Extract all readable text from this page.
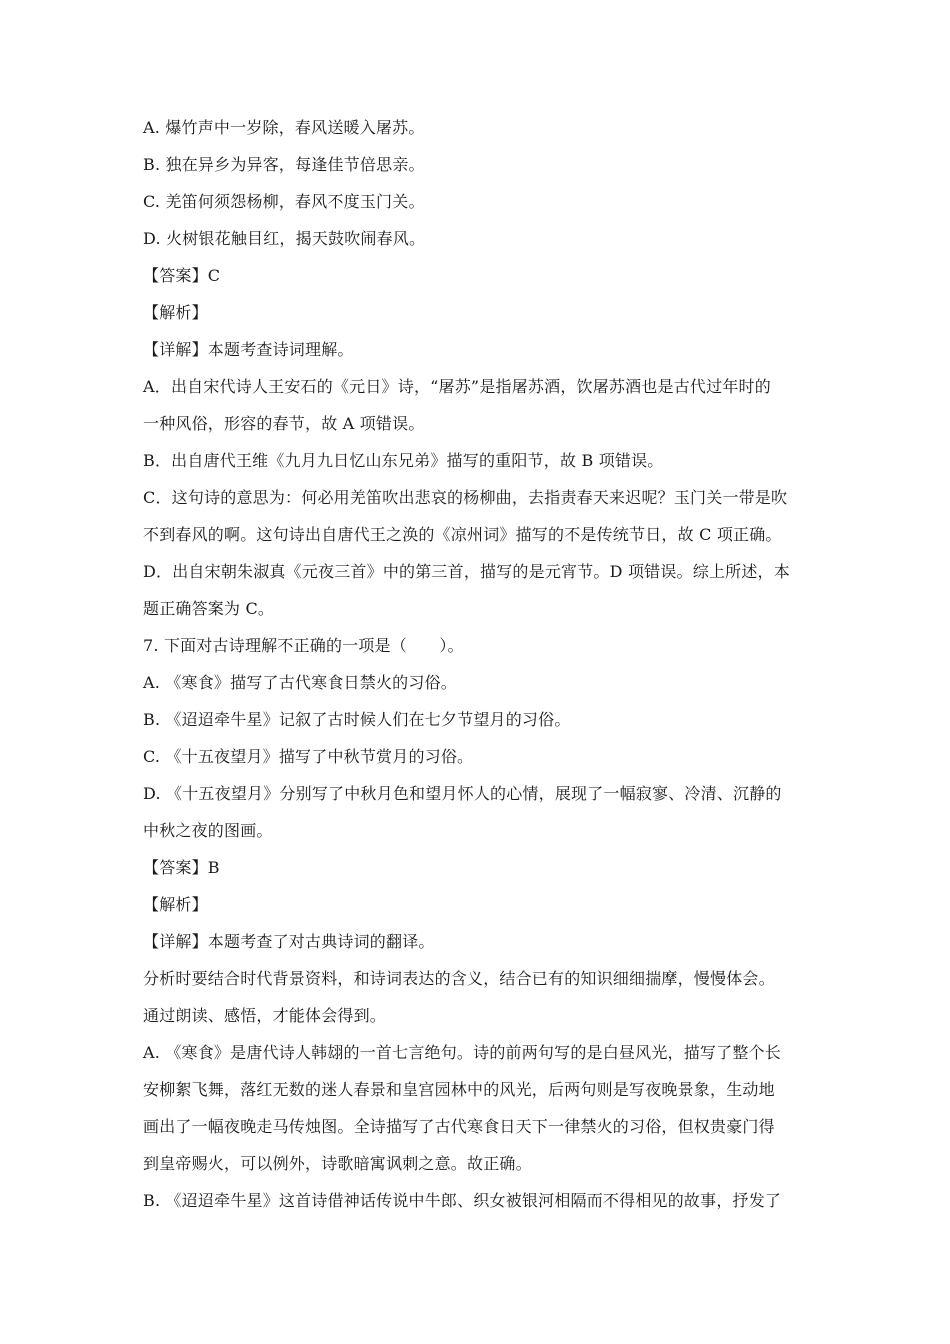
A. 爆竹声中一岁除，春风送暖入屠苏。
B. 独在异乡为异客，每逢佳节倍思亲。
C. 羌笛何须怨杨柳，春风不度玉门关。
D. 火树银花触目红，揭天鼓吹闹春风。
【答案】C
【解析】
【详解】本题考查诗词理解。
A．出自宋代诗人王安石的《元日》诗，“屠苏”是指屠苏酒，饮屠苏酒也是古代过年时的
一种风俗，形容的春节，故 A 项错误。
B．出自唐代王维《九月九日忆山东兄弟》描写的重阳节，故 B 项错误。
C．这句诗的意思为：何必用羌笛吹出悲哀的杨柳曲，去指责春天来迟呢？玉门关一带是吹
不到春风的啊。这句诗出自唐代王之涣的《凉州词》描写的不是传统节日，故 C 项正确。
D．出自宋朝朱淑真《元夜三首》中的第三首，描写的是元宵节。D 项错误。综上所述，本
题正确答案为 C。
7. 下面对古诗理解不正确的一项是（　　）。
A. 《寒食》描写了古代寒食日禁火的习俗。
B. 《迢迢牵牛星》记叙了古时候人们在七夕节望月的习俗。
C. 《十五夜望月》描写了中秋节赏月的习俗。
D. 《十五夜望月》分别写了中秋月色和望月怀人的心情，展现了一幅寂寥、冷清、沉静的
中秋之夜的图画。
【答案】B
【解析】
【详解】本题考查了对古典诗词的翻译。
分析时要结合时代背景资料，和诗词表达的含义，结合已有的知识细细揣摩，慢慢体会。
通过朗读、感悟，才能体会得到。
A. 《寒食》是唐代诗人韩翃的一首七言绝句。诗的前两句写的是白昼风光，描写了整个长
安柳絮飞舞，落红无数的迷人春景和皇宫园林中的风光，后两句则是写夜晚景象，生动地
画出了一幅夜晚走马传烛图。全诗描写了古代寒食日天下一律禁火的习俗，但权贵豪门得
到皇帝赐火，可以例外，诗歌暗寓讽刺之意。故正确。
B. 《迢迢牵牛星》这首诗借神话传说中牛郎、织女被银河相隔而不得相见的故事，抒发了
